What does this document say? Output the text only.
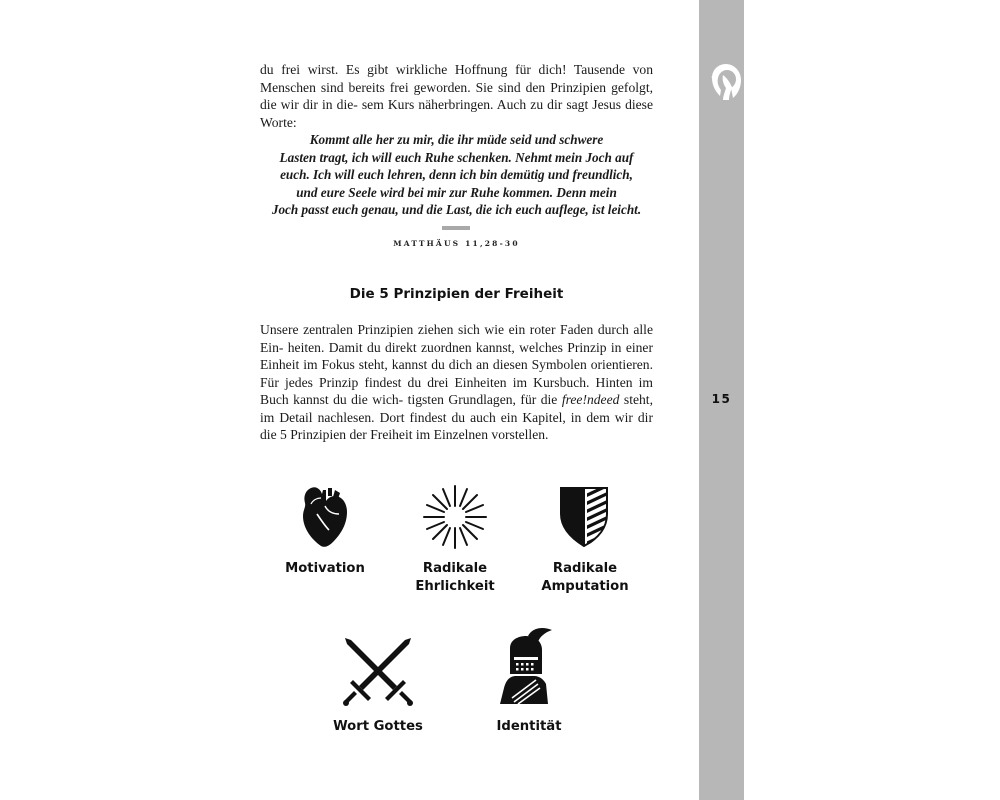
15

du frei wirst. Es gibt wirkliche Hoffnung für dich! Tausende von Menschen sind bereits frei geworden. Sie sind den Prinzipien gefolgt, die wir dir in die- sem Kurs näherbringen. Auch zu dir sagt Jesus diese Worte:

Kommt alle her zu mir, die ihr müde seid und schwere
Lasten tragt, ich will euch Ruhe schenken. Nehmt mein Joch auf
euch. Ich will euch lehren, denn ich bin demütig und freundlich,
und eure Seele wird bei mir zur Ruhe kommen. Denn mein
Joch passt euch genau, und die Last, die ich euch auflege, ist leicht.

MATTHÄUS 11,28-30
Die 5 Prinzipien der Freiheit

Unsere zentralen Prinzipien ziehen sich wie ein roter Faden durch alle Ein- heiten. Damit du direkt zuordnen kannst, welches Prinzip in einer Einheit im Fokus steht, kannst du dich an diesen Symbolen orientieren. Für jedes Prinzip findest du drei Einheiten im Kursbuch. Hinten im Buch kannst du die wich- tigsten Grundlagen, für die free!ndeed steht, im Detail nachlesen. Dort findest du auch ein Kapitel, in dem wir dir die 5 Prinzipien der Freiheit im Einzelnen vorstellen.

Motivation	Radikale
Ehrlichkeit
Radikale
Amputation
Wort Gottes	Identität
